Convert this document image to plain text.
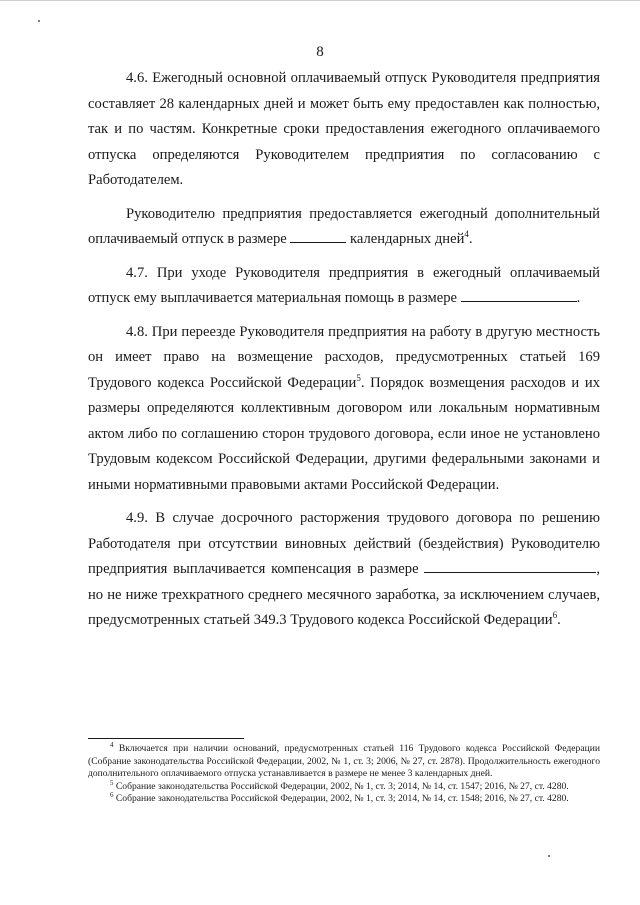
8

4.6. Ежегодный основной оплачиваемый отпуск Руководителя предприятия составляет 28 календарных дней и может быть ему предоставлен как полностью, так и по частям. Конкретные сроки предоставления ежегодного оплачиваемого отпуска определяются Руководителем предприятия по согласованию с Работодателем.

Руководителю предприятия предоставляется ежегодный дополнительный оплачиваемый отпуск в размере	календарных дней$^4$.

4.7. При уходе Руководителя предприятия в ежегодный оплачиваемый отпуск ему выплачивается материальная помощь в размере	.

4.8. При переезде Руководителя предприятия на работу в другую местность он имеет право на возмещение расходов, предусмотренных статьей 169 Трудового кодекса Российской Федерации$^5$. Порядок возмещения расходов и их размеры определяются коллективным договором или локальным нормативным актом либо по соглашению сторон трудового договора, если иное не установлено Трудовым кодексом Российской Федерации, другими федеральными законами и иными нормативными правовыми актами Российской Федерации.

4.9. В случае досрочного расторжения трудового договора по решению Работодателя при отсутствии виновных действий (бездействия) Руководителю предприятия выплачивается компенсация в размере	, но не ниже трехкратного среднего месячного заработка, за исключением случаев, предусмотренных статьей 349.3 Трудового кодекса Российской Федерации$^6$.

$^4$ Включается при наличии оснований, предусмотренных статьей 116 Трудового кодекса Российской Федерации (Собрание законодательства Российской Федерации, 2002, № 1, ст. 3; 2006, № 27, ст. 2878). Продолжительность ежегодного дополнительного оплачиваемого отпуска устанавливается в размере не менее 3 календарных дней.

$^5$ Собрание законодательства Российской Федерации, 2002, № 1, ст. 3; 2014, № 14, ст. 1547; 2016, № 27, ст. 4280.

$^6$ Собрание законодательства Российской Федерации, 2002, № 1, ст. 3; 2014, № 14, ст. 1548; 2016, № 27, ст. 4280.
